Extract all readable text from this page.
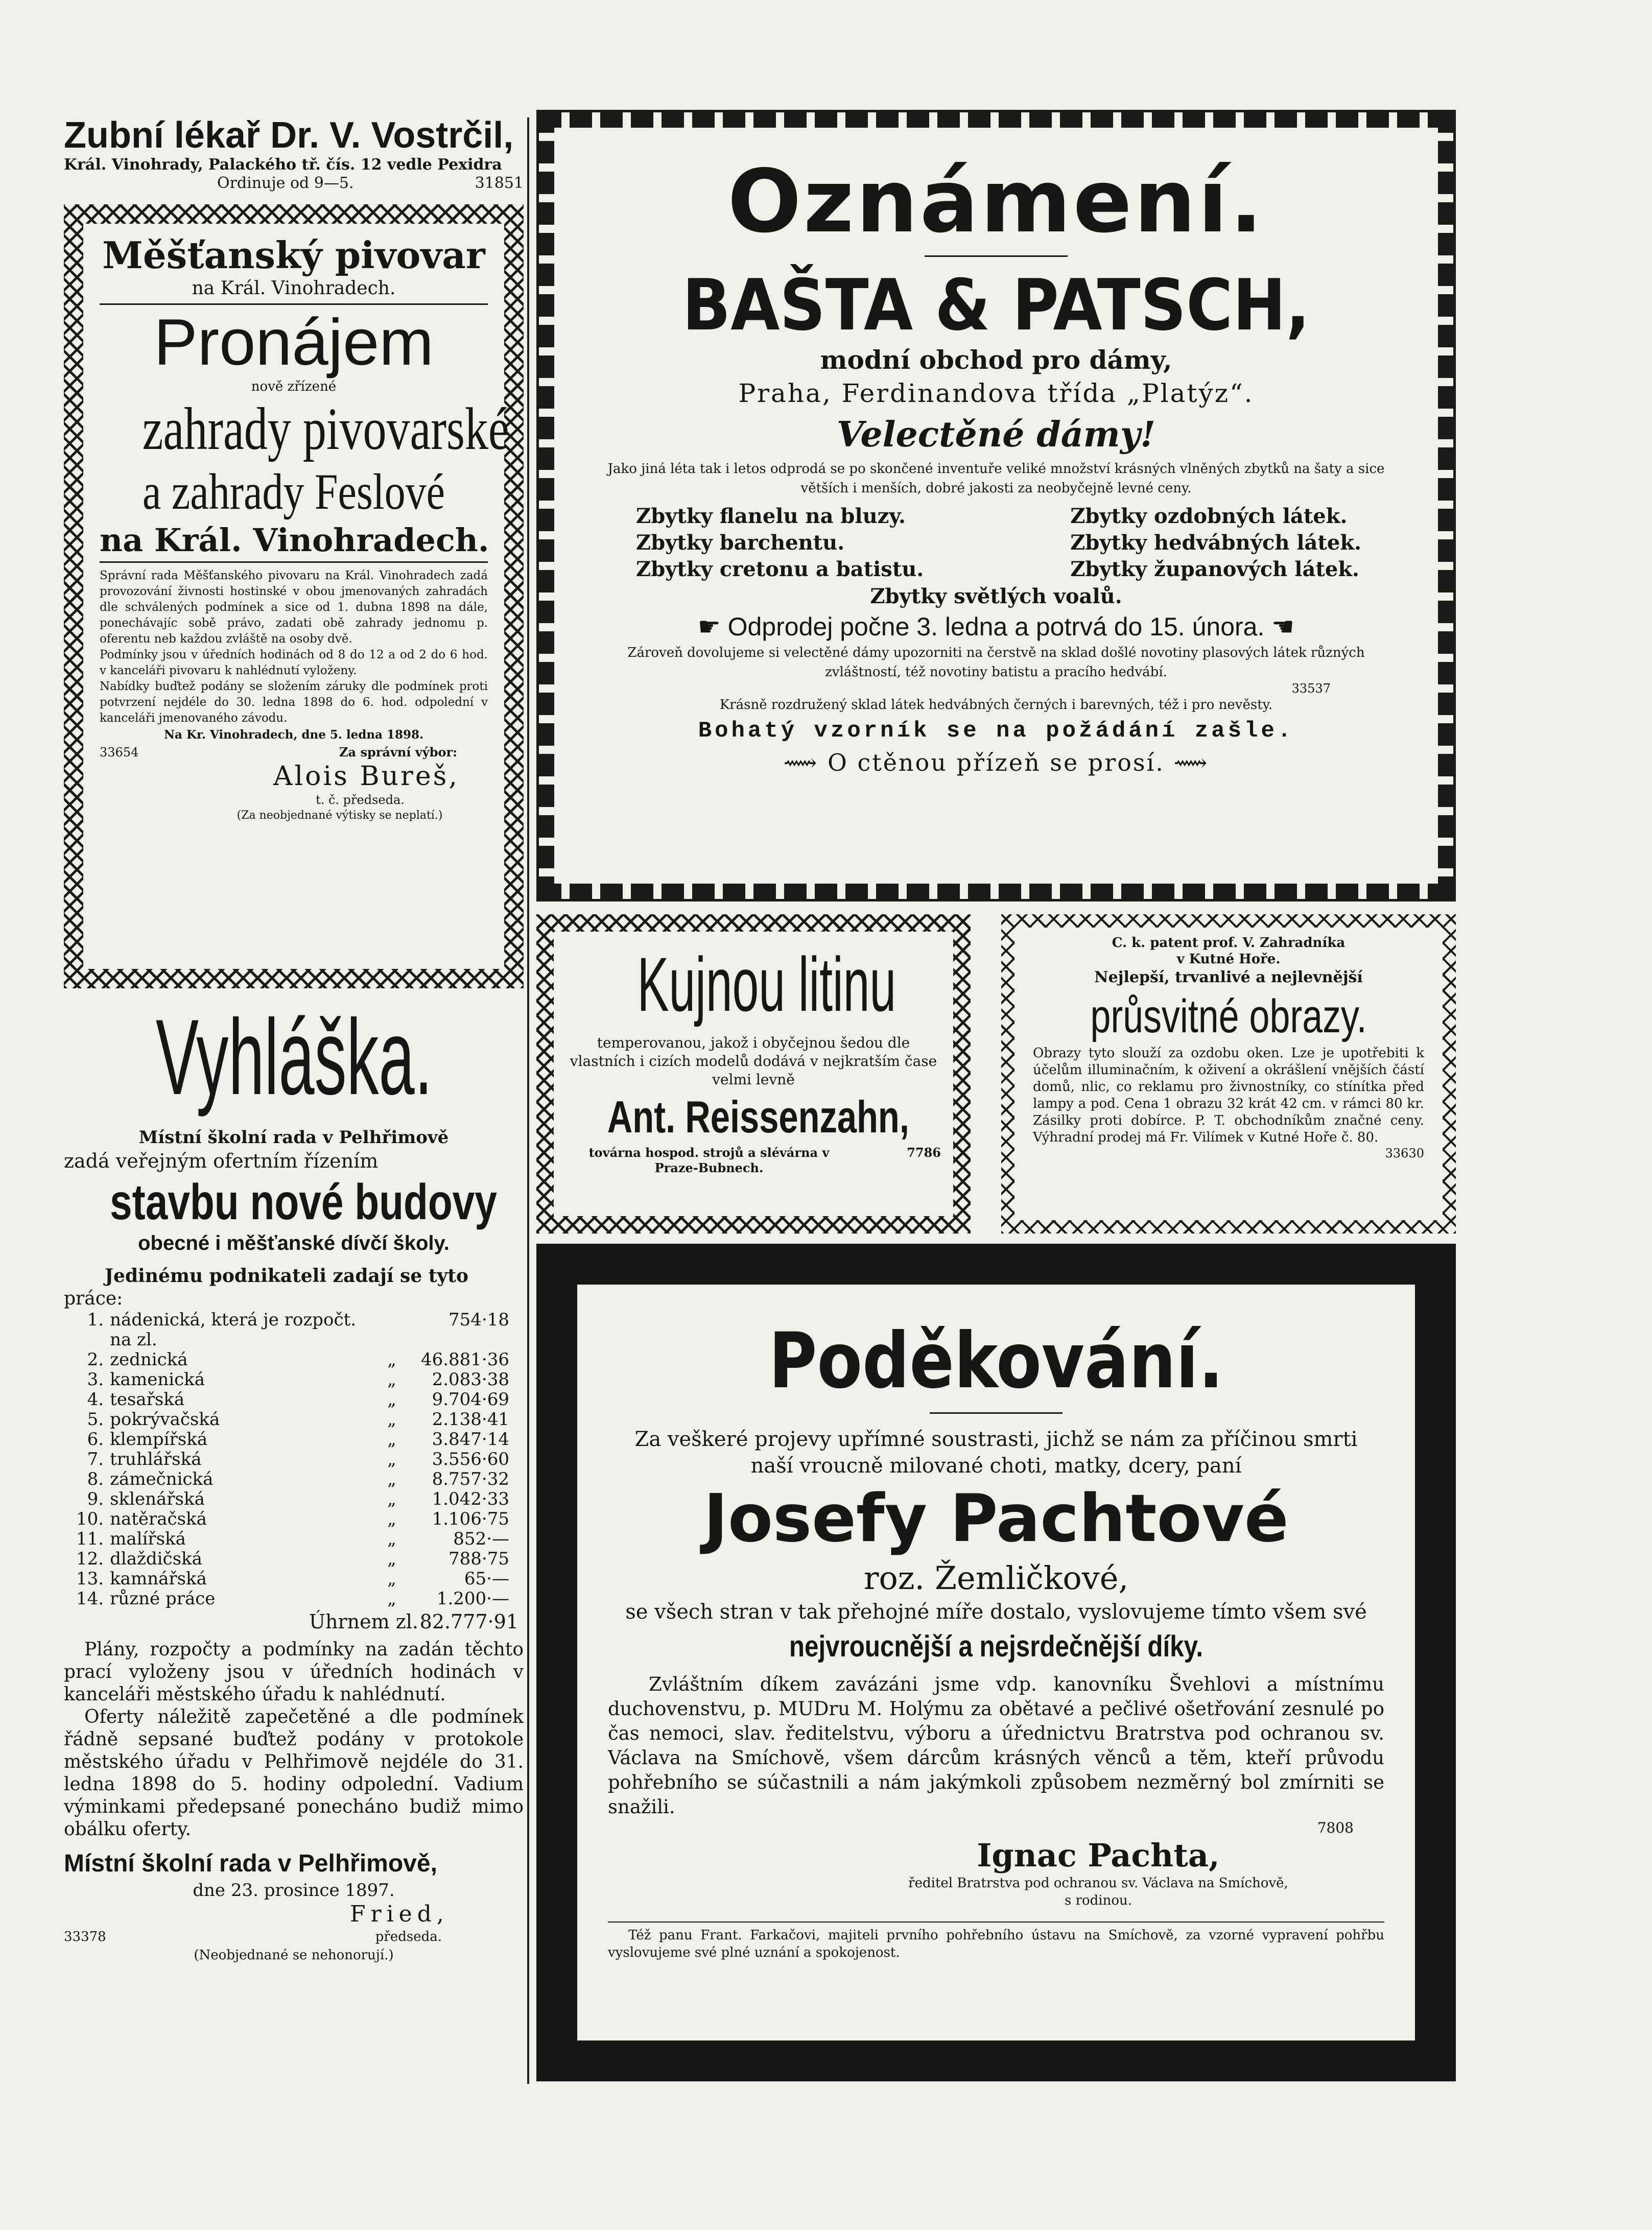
Zubní lékař Dr. V. Vostrčil,
Král. Vinohrady, Palackého tř. čís. 12 vedle Pexidra
Ordinuje od 9—5.	31851
Měšťanský pivovar
na Král. Vinohradech.
Pronájem
nově zřízené
zahrady pivovarské
a zahrady Feslové
na Král. Vinohradech.

Správní rada Měšťanského pivovaru na Král. Vinohradech zadá provozování živnosti hostinské v obou jmenovaných zahradách dle schválených podmínek a sice od 1. dubna 1898 na dále, ponechávajíc sobě právo, zadati obě zahrady jednomu p. oferentu neb každou zvláště na osoby dvě.

Podmínky jsou v úředních hodinách od 8 do 12 a od 2 do 6 hod. v kanceláři pivovaru k nahlédnutí vyloženy.

Nabídky buďtež podány se složením záruky dle podmínek proti potvrzení nejdéle do 30. ledna 1898 do 6. hod. odpolední v kanceláři jmenovaného závodu.

Na Kr. Vinohradech, dne 5. ledna 1898.

33654	Za správní výbor:
Alois Bureš,
t. č. předseda.
(Za neobjednané výtisky se neplatí.)
Vyhláška.
Místní školní rada v Pelhřimově
zadá veřejným ofertním řízením
stavbu nové budovy
obecné i měšťanské dívčí školy.
Jedinému podnikateli zadají se tyto
práce:
1.	nádenická, která je rozpočt. na zl.		754·18
2.	zednická	„	46.881·36
3.	kamenická	„	2.083·38
4.	tesařská	„	9.704·69
5.	pokrývačská	„	2.138·41
6.	klempířská	„	3.847·14
7.	truhlářská	„	3.556·60
8.	zámečnická	„	8.757·32
9.	sklenářská	„	1.042·33
10.	natěračská	„	1.106·75
11.	malířská	„	852·—
12.	dlaždičská	„	788·75
13.	kamnářská	„	65·—
14.	různé práce	„	1.200·—
Úhrnem zl. 82.777·91

Plány, rozpočty a podmínky na zadán těchto prací vyloženy jsou v úředních hodinách v kanceláři městského úřadu k nahlédnutí.

Oferty náležitě zapečetěné a dle podmínek řádně sepsané buďtež podány v protokole městského úřadu v Pelhřimově nejdéle do 31. ledna 1898 do 5. hodiny odpolední. Vadium výminkami předepsané ponecháno budiž mimo obálku oferty.

Místní školní rada v Pelhřimově,
dne 23. prosince 1897.
Fried,
33378	předseda.
(Neobjednané se nehonorují.)
Oznámení.
BAŠTA & PATSCH,
modní obchod pro dámy,
Praha, Ferdinandova třída „Platýz“.
Velectěné dámy!

Jako jiná léta tak i letos odprodá se po skončené inventuře veliké množství krásných vlněných zbytků na šaty a sice větších i menších, dobré jakosti za neobyčejně levné ceny.

Zbytky flanelu na bluzy.
Zbytky barchentu.
Zbytky cretonu a batistu.
Zbytky ozdobných látek.
Zbytky hedvábných látek.
Zbytky županových látek.
Zbytky světlých voalů.
☛ Odprodej počne 3. ledna a potrvá do 15. února. ☛

Zároveň dovolujeme si velectěné dámy upozorniti na čerstvě na sklad došlé novotiny plasových látek různých zvláštností, též novotiny batistu a pracího hedvábí.

33537

Krásně rozdružený sklad látek hedvábných černých i barevných, též i pro nevěsty.

Bohatý vzorník se na požádání zašle.
⟿ O ctěnou přízeň se prosí. ⟿
Kujnou litinu

temperovanou, jakož i obyčejnou šedou dle vlastních i cizích modelů dodává v nejkratším čase velmi levně

Ant. Reissenzahn,
továrna hospod. strojů a slévárna v Praze-Bubnech.
7786
C. k. patent prof. V. Zahradníka
v Kutné Hoře.
Nejlepší, trvanlivé a nejlevnější
průsvitné obrazy.

Obrazy tyto slouží za ozdobu oken. Lze je upotřebiti k účelům illuminačním, k oživení a okrášlení vnějších částí domů, nlic, co reklamu pro živnostníky, co stínítka před lampy a pod. Cena 1 obrazu 32 krát 42 cm. v rámci 80 kr. Zásilky proti dobírce. P. T. obchodníkům značné ceny. Výhradní prodej má Fr. Vilímek v Kutné Hoře č. 80.

33630
Poděkování.

Za veškeré projevy upřímné soustrasti, jichž se nám za příčinou smrti naší vroucně milované choti, matky, dcery, paní

Josefy Pachtové
roz. Žemličkové,

se všech stran v tak přehojné míře dostalo, vyslovujeme tímto všem své

nejvroucnější a nejsrdečnější díky.

Zvláštním díkem zavázáni jsme vdp. kanovníku Švehlovi a místnímu duchovenstvu, p. MUDru M. Holýmu za obětavé a pečlivé ošetřování zesnulé po čas nemoci, slav. ředitelstvu, výboru a úřednictvu Bratrstva pod ochranou sv. Václava na Smíchově, všem dárcům krásných věnců a těm, kteří průvodu pohřebního se súčastnili a nám jakýmkoli způsobem nezměrný bol zmírniti se snažili.

7808
Ignac Pachta,
ředitel Bratrstva pod ochranou sv. Václava na Smíchově,
s rodinou.

Též panu Frant. Farkačovi, majiteli prvního pohřebního ústavu na Smíchově, za vzorné vypravení pohřbu vyslovujeme své plné uznání a spokojenost.
